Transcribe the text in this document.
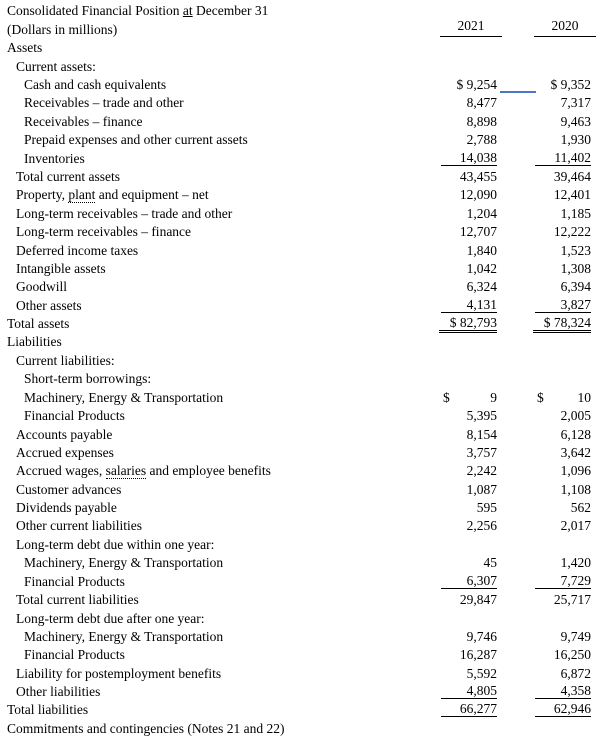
Consolidated Financial Position at December 31
(Dollars in millions)	2021	2020
Assets
Current assets:
Cash and cash equivalents	$ 9,254	$ 9,352
Receivables – trade and other	8,477	7,317
Receivables – finance	8,898	9,463
Prepaid expenses and other current assets	2,788	1,930
Inventories	14,038	11,402
Total current assets	43,455	39,464
Property, plant and equipment – net	12,090	12,401
Long-term receivables – trade and other	1,204	1,185
Long-term receivables – finance	12,707	12,222
Deferred income taxes	1,840	1,523
Intangible assets	1,042	1,308
Goodwill	6,324	6,394
Other assets	4,131	3,827
Total assets	$ 82,793	$ 78,324
Liabilities
Current liabilities:
Short-term borrowings:
Machinery, Energy & Transportation	$	9	$	10
Financial Products	5,395	2,005
Accounts payable	8,154	6,128
Accrued expenses	3,757	3,642
Accrued wages, salaries and employee benefits	2,242	1,096
Customer advances	1,087	1,108
Dividends payable	595	562
Other current liabilities	2,256	2,017
Long-term debt due within one year:
Machinery, Energy & Transportation	45	1,420
Financial Products	6,307	7,729
Total current liabilities	29,847	25,717
Long-term debt due after one year:
Machinery, Energy & Transportation	9,746	9,749
Financial Products	16,287	16,250
Liability for postemployment benefits	5,592	6,872
Other liabilities	4,805	4,358
Total liabilities	66,277	62,946
Commitments and contingencies (Notes 21 and 22)
